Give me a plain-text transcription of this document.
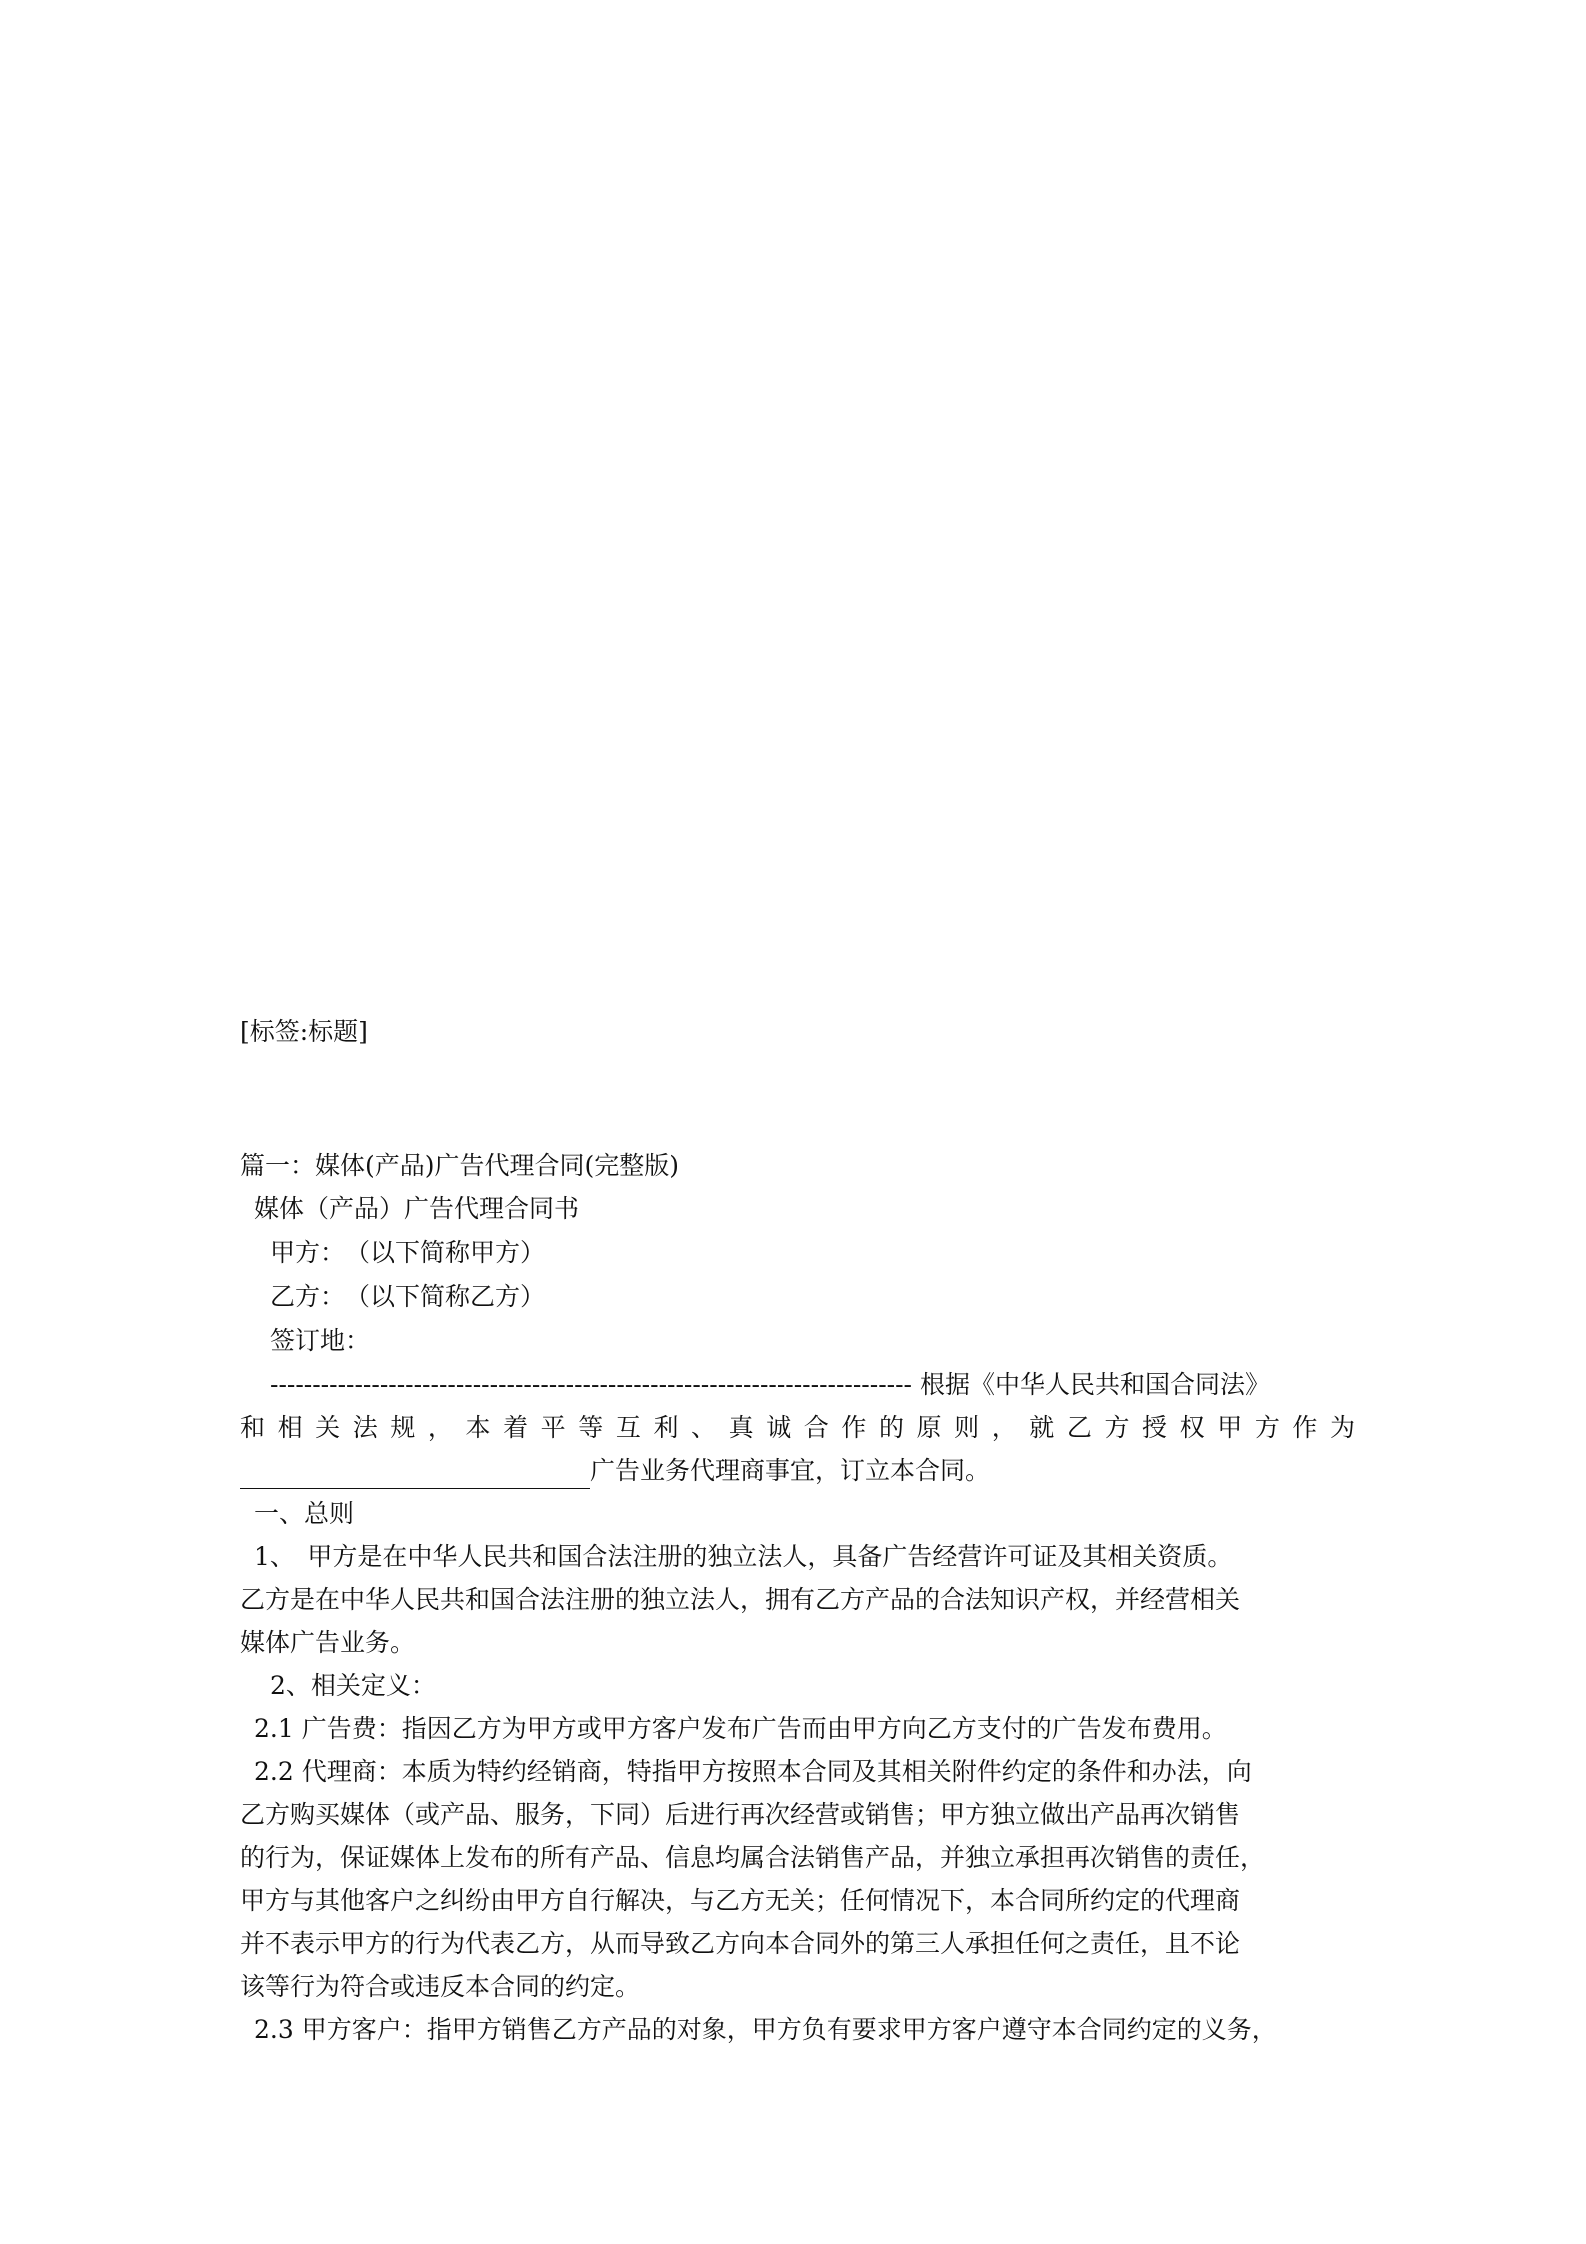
[标签:标题]
篇一：媒体(产品)广告代理合同(完整版)
媒体（产品）广告代理合同书
甲方：　（以下简称甲方）
乙方：　（以下简称乙方）
签订地：
---------------------------------------------------------------------------- 根据《中华人民共和国合同法》
和相关法规，本着平等互利、真诚合作的原则，就乙方授权甲方作为
广告业务代理商事宜，订立本合同。
一、总则
1、　甲方是在中华人民共和国合法注册的独立法人，具备广告经营许可证及其相关资质。
乙方是在中华人民共和国合法注册的独立法人，拥有乙方产品的合法知识产权，并经营相关
媒体广告业务。
2、相关定义：
2.1 广告费：指因乙方为甲方或甲方客户发布广告而由甲方向乙方支付的广告发布费用。
2.2 代理商：本质为特约经销商，特指甲方按照本合同及其相关附件约定的条件和办法，向
乙方购买媒体（或产品、服务，下同）后进行再次经营或销售；甲方独立做出产品再次销售
的行为，保证媒体上发布的所有产品、信息均属合法销售产品，并独立承担再次销售的责任，
甲方与其他客户之纠纷由甲方自行解决，与乙方无关；任何情况下，本合同所约定的代理商
并不表示甲方的行为代表乙方，从而导致乙方向本合同外的第三人承担任何之责任，且不论
该等行为符合或违反本合同的约定。
2.3 甲方客户：指甲方销售乙方产品的对象，甲方负有要求甲方客户遵守本合同约定的义务，
